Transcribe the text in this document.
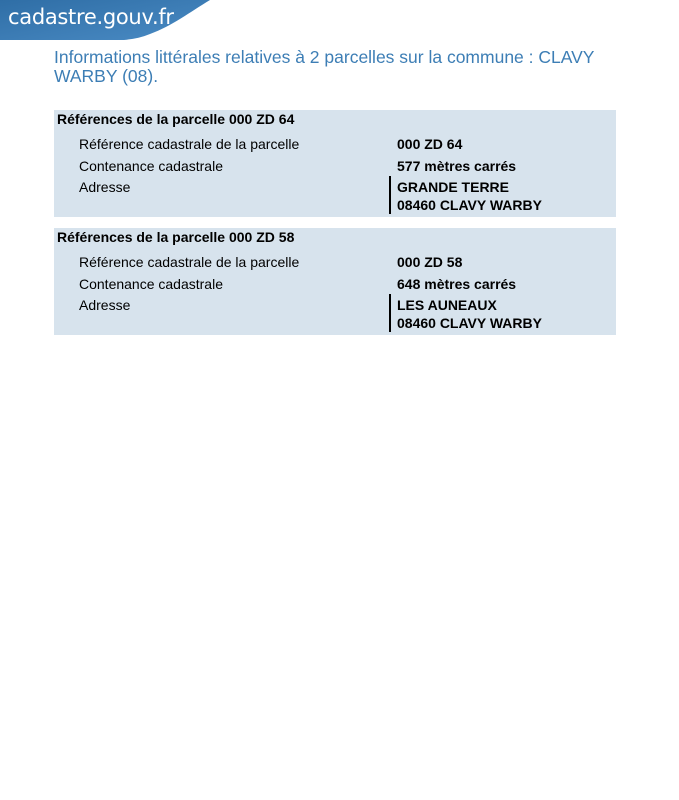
cadastre.gouv.fr
Informations littérales relatives à 2 parcelles sur la commune : CLAVY WARBY (08).
Références de la parcelle 000 ZD 64
Référence cadastrale de la parcelle	000 ZD 64
Contenance cadastrale	577 mètres carrés
Adresse	GRANDE TERRE
08460 CLAVY WARBY
Références de la parcelle 000 ZD 58
Référence cadastrale de la parcelle	000 ZD 58
Contenance cadastrale	648 mètres carrés
Adresse	LES AUNEAUX
08460 CLAVY WARBY
